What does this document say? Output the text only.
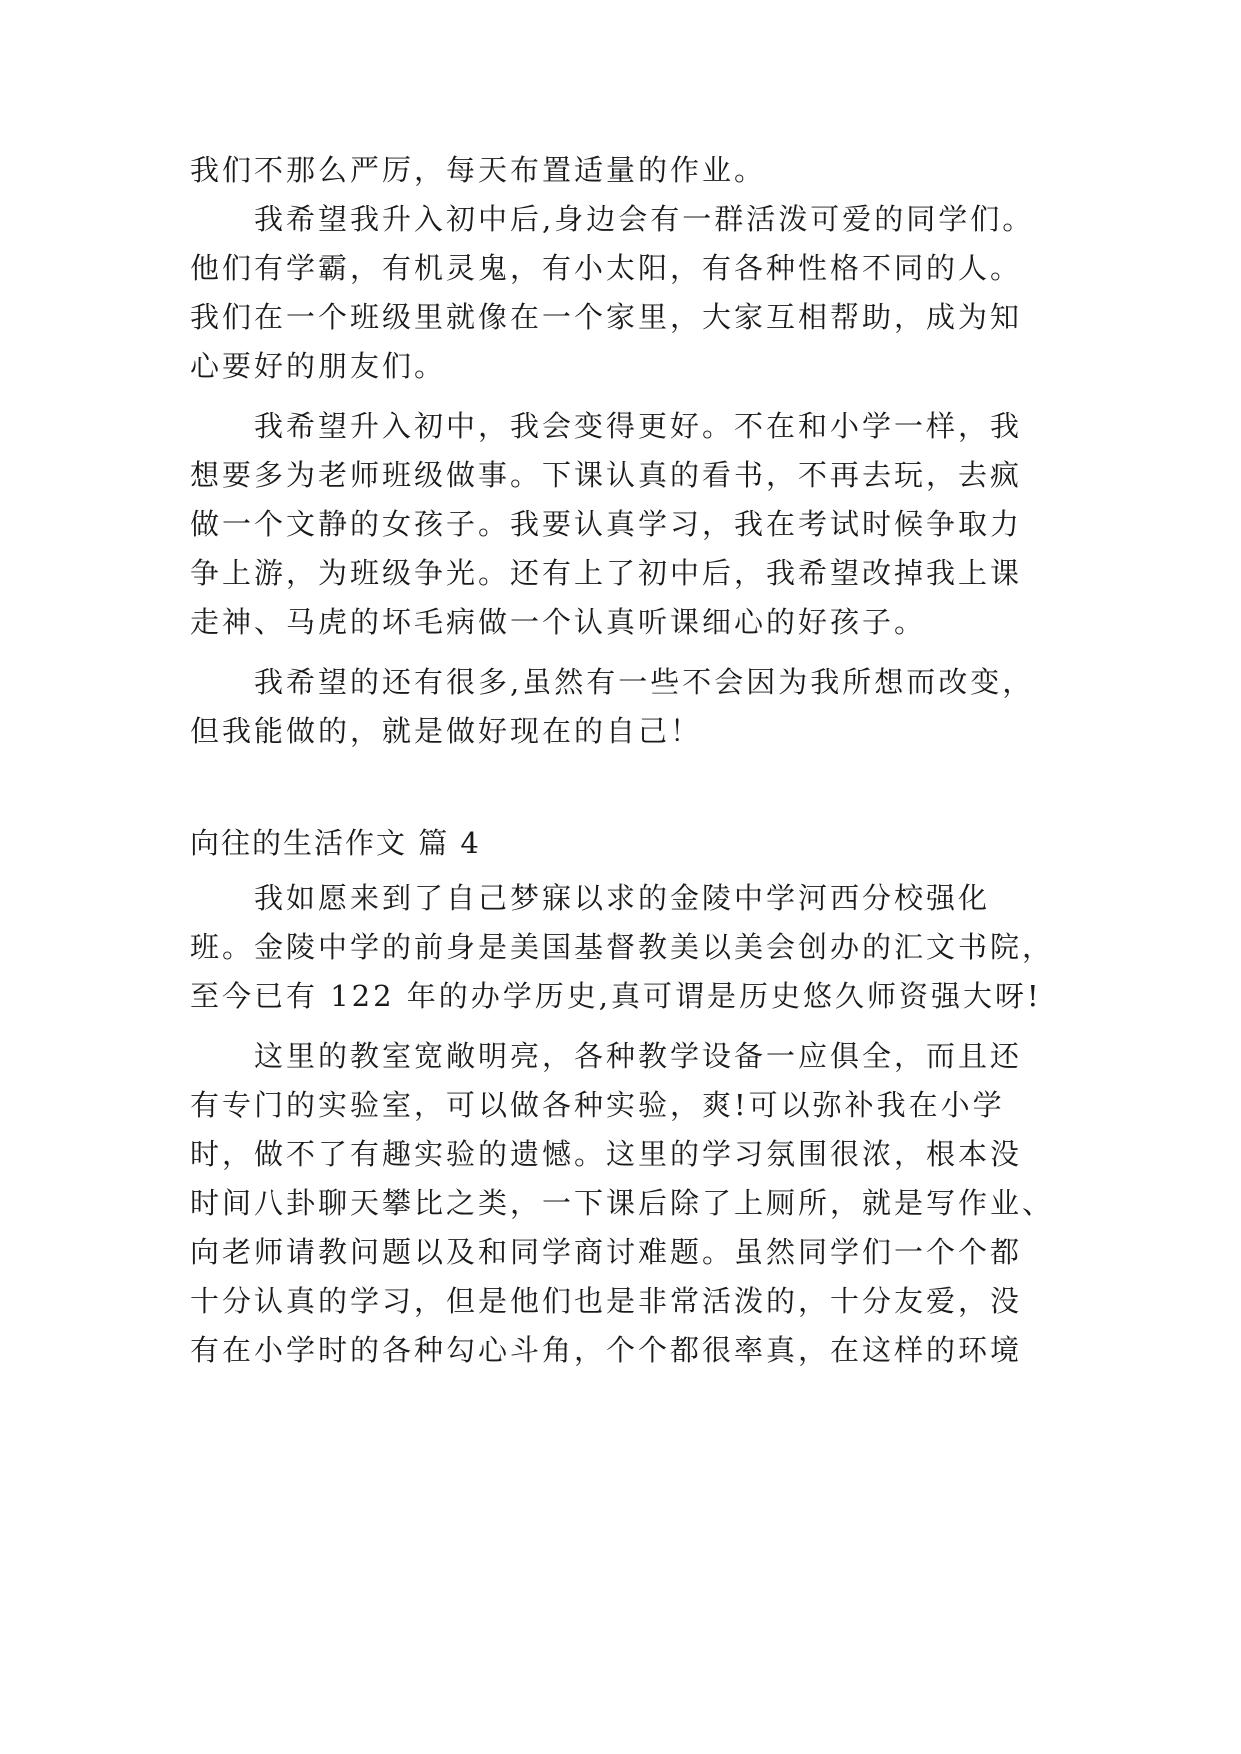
我们不那么严厉，每天布置适量的作业。
我希望我升入初中后,身边会有一群活泼可爱的同学们。
他们有学霸，有机灵鬼，有小太阳，有各种性格不同的人。
我们在一个班级里就像在一个家里，大家互相帮助，成为知
心要好的朋友们。
我希望升入初中，我会变得更好。不在和小学一样，我
想要多为老师班级做事。下课认真的看书，不再去玩，去疯
做一个文静的女孩子。我要认真学习，我在考试时候争取力
争上游，为班级争光。还有上了初中后，我希望改掉我上课
走神、马虎的坏毛病做一个认真听课细心的好孩子。
我希望的还有很多,虽然有一些不会因为我所想而改变，
但我能做的，就是做好现在的自己！
向往的生活作文 篇 4
我如愿来到了自己梦寐以求的金陵中学河西分校强化
班。金陵中学的前身是美国基督教美以美会创办的汇文书院，
至今已有 122 年的办学历史,真可谓是历史悠久师资强大呀!
这里的教室宽敞明亮，各种教学设备一应俱全，而且还
有专门的实验室，可以做各种实验，爽!可以弥补我在小学
时，做不了有趣实验的遗憾。这里的学习氛围很浓，根本没
时间八卦聊天攀比之类，一下课后除了上厕所，就是写作业、
向老师请教问题以及和同学商讨难题。虽然同学们一个个都
十分认真的学习，但是他们也是非常活泼的，十分友爱，没
有在小学时的各种勾心斗角，个个都很率真，在这样的环境
